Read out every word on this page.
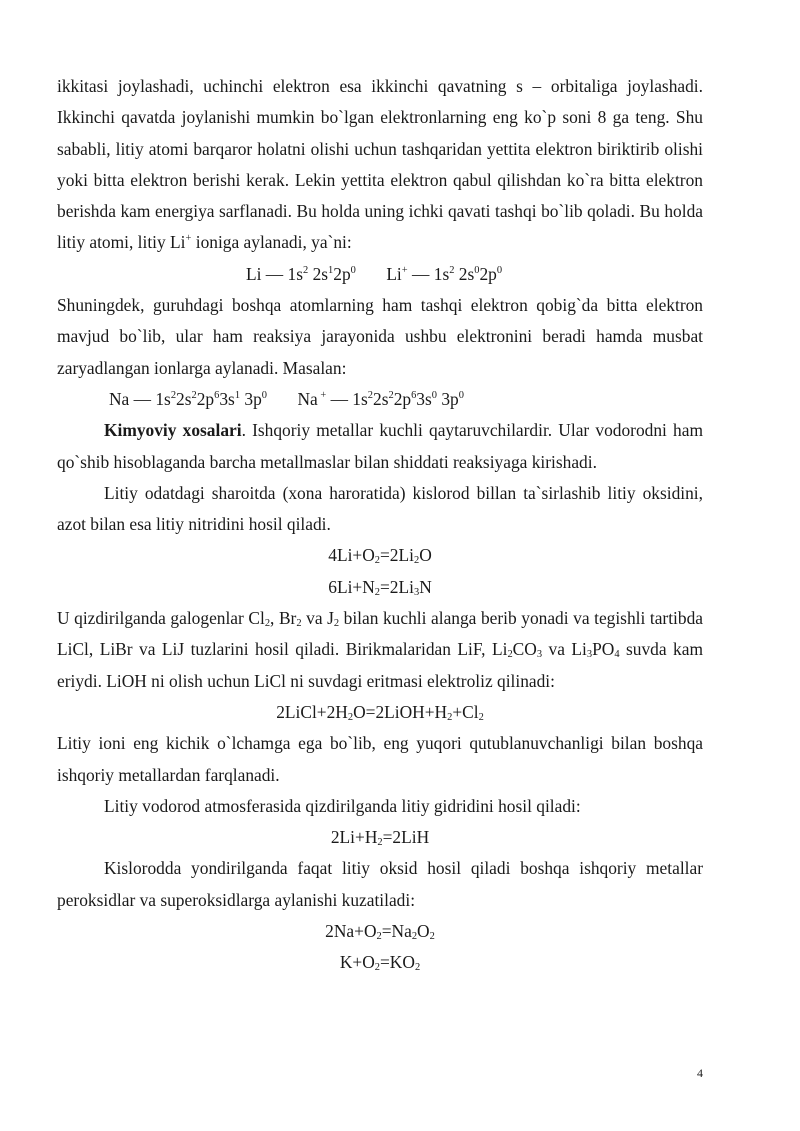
ikkitasi joylashadi, uchinchi elektron esa ikkinchi qavatning s – orbitaliga joylashadi. Ikkinchi qavatda joylanishi mumkin bo`lgan elektronlarning eng ko`p soni 8 ga teng. Shu sababli, litiy atomi barqaror holatni olishi uchun tashqaridan yettita elektron biriktirib olishi yoki bitta elektron berishi kerak. Lekin yettita elektron qabul qilishdan ko`ra bitta elektron berishda kam energiya sarflanadi. Bu holda uning ichki qavati tashqi bo`lib qoladi. Bu holda litiy atomi, litiy Li+ ioniga aylanadi, ya`ni:

Li — $1s^2$ $2s^12p^0$ Li+ — $1s^2$ $2s^02p^0$

Shuningdek, guruhdagi boshqa atomlarning ham tashqi elektron qobig`da bitta elektron mavjud bo`lib, ular ham reaksiya jarayonida ushbu elektronini beradi hamda musbat zaryadlangan ionlarga aylanadi. Masalan:

Na — $1s^22s^22p^63s^1$ $3p^0$ Na + — $1s^22s^22p^63s^0$ $3p^0$

Kimyoviy xosalari. Ishqoriy metallar kuchli qaytaruvchilardir. Ular vodorodni ham qo`shib hisoblaganda barcha metallmaslar bilan shiddati reaksiyaga kirishadi.

Litiy odatdagi sharoitda (xona haroratida) kislorod billan ta`sirlashib litiy oksidini, azot bilan esa litiy nitridini hosil qiladi.

$4Li+O_2=2Li_2O$

$6Li+N_2=2Li_3N$

U qizdirilganda galogenlar $Cl_2$, $Br_2$ va $J_2$ bilan kuchli alanga berib yonadi va tegishli tartibda LiCl, LiBr va LiJ tuzlarini hosil qiladi. Birikmalaridan LiF, $Li_2CO_3$ va $Li_3PO_4$ suvda kam eriydi. LiOH ni olish uchun LiCl ni suvdagi eritmasi elektroliz qilinadi:

$2LiCl+2H_2O=2LiOH+H_2+Cl_2$

Litiy ioni eng kichik o`lchamga ega bo`lib, eng yuqori qutublanuvchanligi bilan boshqa ishqoriy metallardan farqlanadi.

Litiy vodorod atmosferasida qizdirilganda litiy gidridini hosil qiladi:

$2Li+H_2=2LiH$

Kislorodda yondirilganda faqat litiy oksid hosil qiladi boshqa ishqoriy metallar peroksidlar va superoksidlarga aylanishi kuzatiladi:

$2Na+O_2=Na_2O_2$

$K+O_2=KO_2$

4
